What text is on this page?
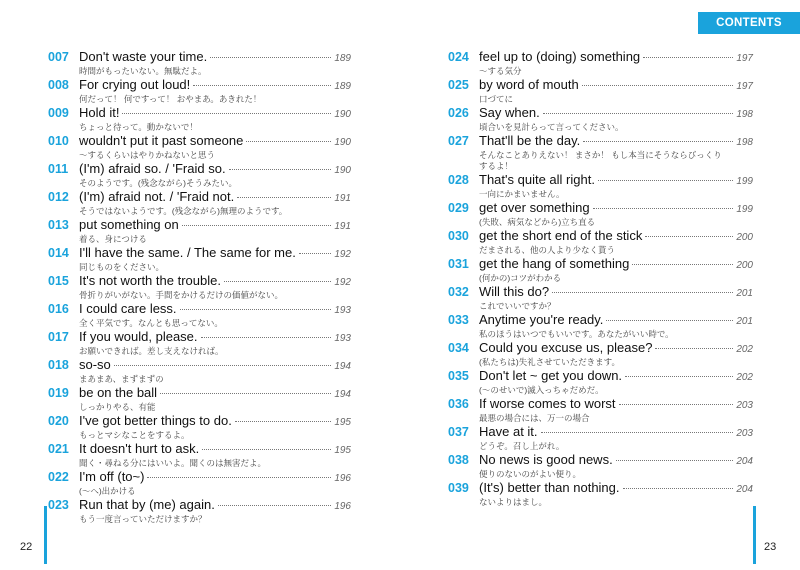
CONTENTS
007 Don't waste your time.	189
時間がもったいない。無駄だよ。
008 For crying out loud!	189
何だって！ 何ですって！ おやまあ。あきれた！
009 Hold it!	190
ちょっと待って。動かないで！
010 wouldn't put it past someone	190
～するくらいはやりかねないと思う
011 (I'm) afraid so. / 'Fraid so.	190
そのようです。(残念ながら)そうみたい。
012 (I'm) afraid not. / 'Fraid not.	191
そうではないようです。(残念ながら)無理のようです。
013 put something on	191
着る、身につける
014 I'll have the same. / The same for me.	192
同じものをください。
015 It's not worth the trouble.	192
骨折りがいがない。手間をかけるだけの価値がない。
016 I could care less.	193
全く平気です。なんとも思ってない。
017 If you would, please.	193
お願いできれば。差し支えなければ。
018 so-so	194
まあまあ、まずまずの
019 be on the ball	194
しっかりやる、有能
020 I've got better things to do.	195
もっとマシなことをするよ。
021 It doesn't hurt to ask.	195
聞く・尋ねる分にはいいよ。聞くのは無害だよ。
022 I'm off (to~)	196
(〜へ)出かける
023 Run that by (me) again.	196
もう一度言っていただけますか？
024 feel up to (doing) something	197
〜する気分
025 by word of mouth	197
口づてに
026 Say when.	198
頃合いを見計らって言ってください。
027 That'll be the day.	198
そんなことありえない！ まさか！ もし本当にそうならびっくり
するよ！
028 That's quite all right.	199
一向にかまいません。
029 get over something	199
(失敗、病気などから)立ち直る
030 get the short end of the stick	200
だまされる、他の人より少なく貰う
031 get the hang of something	200
(何かの)コツがわかる
032 Will this do?	201
これでいいですか？
033 Anytime you're ready.	201
私のほうはいつでもいいです。あなたがいい時で。
034 Could you excuse us, please?	202
(私たちは)失礼させていただきます。
035 Don't let ~ get you down.	202
(〜のせいで)滅入っちゃだめだ。
036 If worse comes to worst	203
最悪の場合には、万一の場合
037 Have at it.	203
どうぞ。召し上がれ。
038 No news is good news.	204
便りのないのがよい便り。
039 (It's) better than nothing.	204
ないよりはまし。
22	23
